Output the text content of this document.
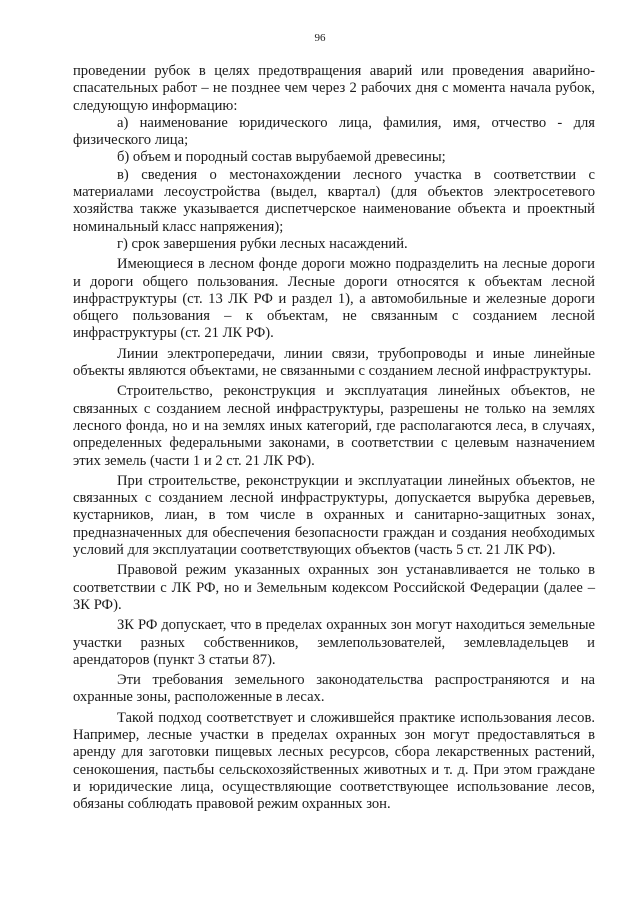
96

проведении рубок в целях предотвращения аварий или проведения аварийно-спасательных работ – не позднее чем через 2 рабочих дня с момента начала рубок, следующую информацию:

а) наименование юридического лица, фамилия, имя, отчество - для физического лица;

б) объем и породный состав вырубаемой древесины;

в) сведения о местонахождении лесного участка в соответствии с материалами лесоустройства (выдел, квартал) (для объектов электросетевого хозяйства также указывается диспетчерское наименование объекта и проектный номинальный класс напряжения);

г) срок завершения рубки лесных насаждений.

Имеющиеся в лесном фонде дороги можно подразделить на лесные дороги и дороги общего пользования. Лесные дороги относятся к объектам лесной инфраструктуры (ст. 13 ЛК РФ и раздел 1), а автомобильные и железные дороги общего пользования – к объектам, не связанным с созданием лесной инфраструктуры (ст. 21 ЛК РФ).

Линии электропередачи, линии связи, трубопроводы и иные линейные объекты являются объектами, не связанными с созданием лесной инфраструктуры.

Строительство, реконструкция и эксплуатация линейных объектов, не связанных с созданием лесной инфраструктуры, разрешены не только на землях лесного фонда, но и на землях иных категорий, где располагаются леса, в случаях, определенных федеральными законами, в соответствии с целевым назначением этих земель (части 1 и 2 ст. 21 ЛК РФ).

При строительстве, реконструкции и эксплуатации линейных объектов, не связанных с созданием лесной инфраструктуры, допускается вырубка деревьев, кустарников, лиан, в том числе в охранных и санитарно-защитных зонах, предназначенных для обеспечения безопасности граждан и создания необходимых условий для эксплуатации соответствующих объектов (часть 5 ст. 21 ЛК РФ).

Правовой режим указанных охранных зон устанавливается не только в соответствии с ЛК РФ, но и Земельным кодексом Российской Федерации (далее – ЗК РФ).

ЗК РФ допускает, что в пределах охранных зон могут находиться земельные участки разных собственников, землепользователей, землевладельцев и арендаторов (пункт 3 статьи 87).

Эти требования земельного законодательства распространяются и на охранные зоны, расположенные в лесах.

Такой подход соответствует и сложившейся практике использования лесов. Например, лесные участки в пределах охранных зон могут предоставляться в аренду для заготовки пищевых лесных ресурсов, сбора лекарственных растений, сенокошения, пастьбы сельскохозяйственных животных и т. д. При этом граждане и юридические лица, осуществляющие соответствующее использование лесов, обязаны соблюдать правовой режим охранных зон.
